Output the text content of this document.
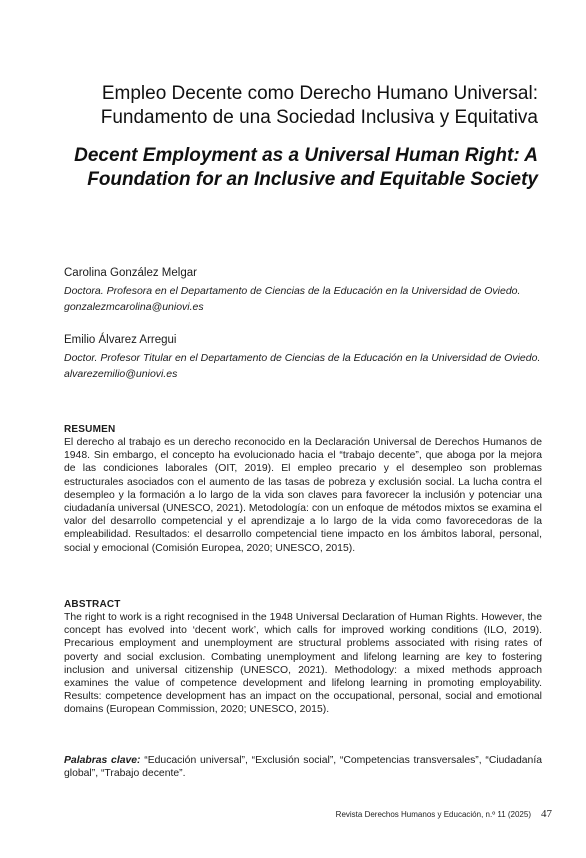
Empleo Decente como Derecho Humano Universal:
Fundamento de una Sociedad Inclusiva y Equitativa
Decent Employment as a Universal Human Right: A
Foundation for an Inclusive and Equitable Society
Carolina González Melgar
Doctora. Profesora en el Departamento de Ciencias de la Educación en la Universidad de Oviedo. gonzalezmcarolina@uniovi.es
Emilio Álvarez Arregui
Doctor. Profesor Titular en el Departamento de Ciencias de la Educación en la Universidad de Oviedo. alvarezemilio@uniovi.es
RESUMEN
El derecho al trabajo es un derecho reconocido en la Declaración Universal de Derechos Humanos de 1948. Sin embargo, el concepto ha evolucionado hacia el “trabajo decente”, que aboga por la mejora de las condiciones laborales (OIT, 2019). El empleo precario y el desempleo son problemas estructurales asociados con el aumento de las tasas de pobreza y exclusión social. La lucha contra el desempleo y la formación a lo largo de la vida son claves para favorecer la inclusión y potenciar una ciudadanía universal (UNESCO, 2021). Metodología: con un enfoque de métodos mixtos se examina el valor del desarrollo competencial y el aprendizaje a lo largo de la vida como favorecedoras de la empleabilidad. Resultados: el desarrollo competencial tiene impacto en los ámbitos laboral, personal, social y emocional (Comisión Europea, 2020; UNESCO, 2015).
ABSTRACT
The right to work is a right recognised in the 1948 Universal Declaration of Human Rights. However, the concept has evolved into ‘decent work’, which calls for improved working conditions (ILO, 2019). Precarious employment and unemployment are structural problems associated with rising rates of poverty and social exclusion. Combating unemployment and lifelong learning are key to fostering inclusion and universal citizenship (UNESCO, 2021). Methodology: a mixed methods approach examines the value of competence development and lifelong learning in promoting employability. Results: competence development has an impact on the occupational, personal, social and emotional domains (European Commission, 2020; UNESCO, 2015).
Palabras clave: “Educación universal”, “Exclusión social”, “Competencias transversales”, “Ciudadanía global”, “Trabajo decente”.
Revista Derechos Humanos y Educación, n.º 11 (2025) 47
